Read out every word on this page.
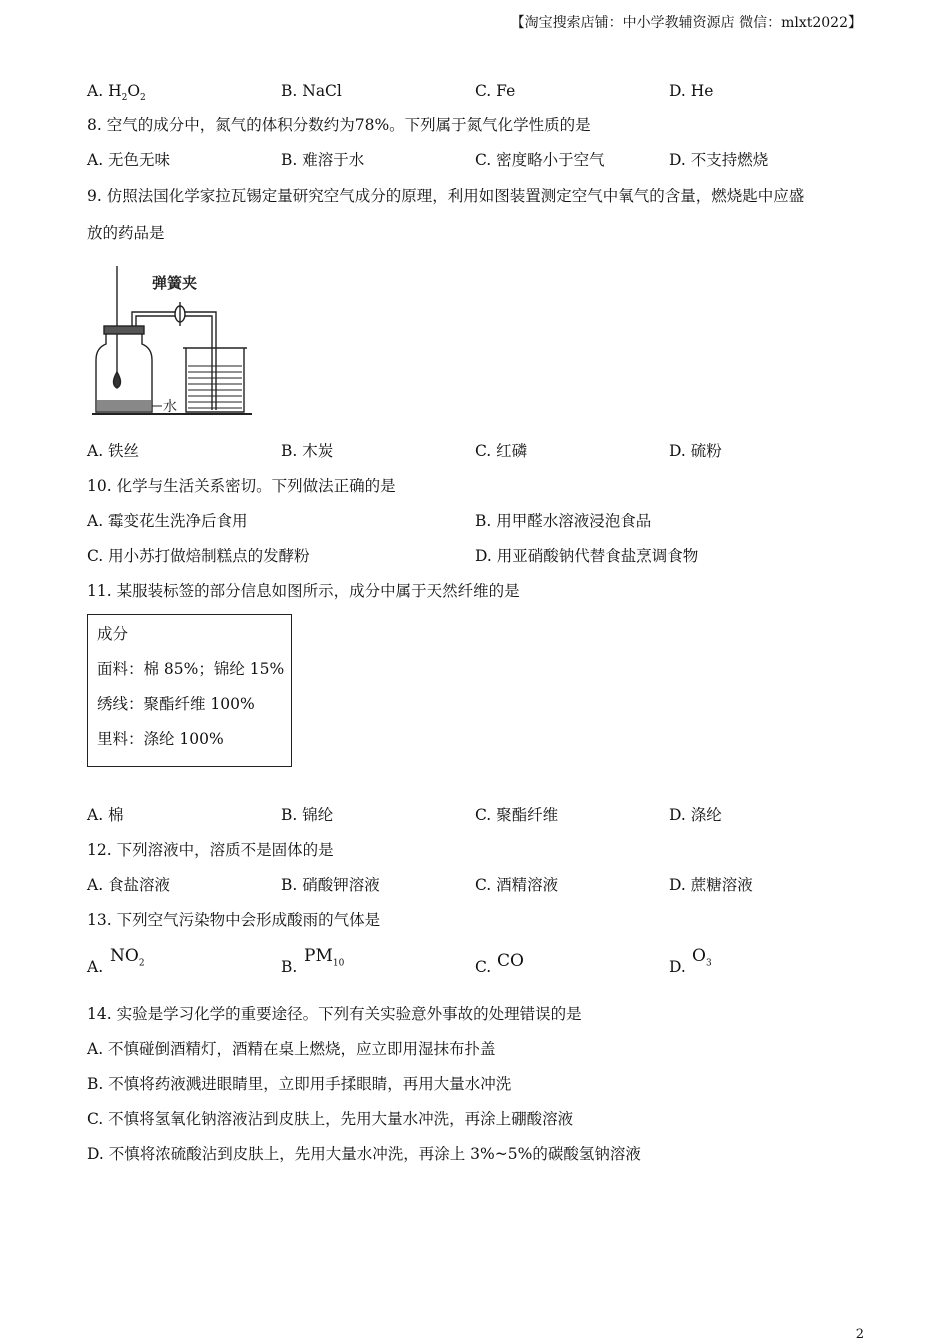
【淘宝搜索店铺：中小学教辅资源店 微信：mlxt2022】
A. $H_2O_2$	B. NaCl	C. Fe	D. He
8. 空气的成分中，氮气的体积分数约为78%。下列属于氮气化学性质的是
A. 无色无味	B. 难溶于水	C. 密度略小于空气	D. 不支持燃烧
9. 仿照法国化学家拉瓦锡定量研究空气成分的原理，利用如图装置测定空气中氧气的含量，燃烧匙中应盛
放的药品是
弹簧夹
水
A. 铁丝	B. 木炭	C. 红磷	D. 硫粉
10. 化学与生活关系密切。下列做法正确的是
A. 霉变花生洗净后食用	B. 用甲醛水溶液浸泡食品
C. 用小苏打做焙制糕点的发酵粉	D. 用亚硝酸钠代替食盐烹调食物
11. 某服装标签的部分信息如图所示，成分中属于天然纤维的是
成分
面料：棉 85%；锦纶 15%
绣线：聚酯纤维 100%
里料：涤纶 100%
A. 棉	B. 锦纶	C. 聚酯纤维	D. 涤纶
12. 下列溶液中，溶质不是固体的是
A. 食盐溶液	B. 硝酸钾溶液	C. 酒精溶液	D. 蔗糖溶液
13. 下列空气污染物中会形成酸雨的气体是
A.
$NO_2$	B.
$PM_{10}$	C. CO	D.
$O_3$
14. 实验是学习化学的重要途径。下列有关实验意外事故的处理错误的是
A. 不慎碰倒酒精灯，酒精在桌上燃烧，应立即用湿抹布扑盖
B. 不慎将药液溅进眼睛里，立即用手揉眼睛，再用大量水冲洗
C. 不慎将氢氧化钠溶液沾到皮肤上，先用大量水冲洗，再涂上硼酸溶液
D. 不慎将浓硫酸沾到皮肤上，先用大量水冲洗，再涂上 3%~5%的碳酸氢钠溶液
2
